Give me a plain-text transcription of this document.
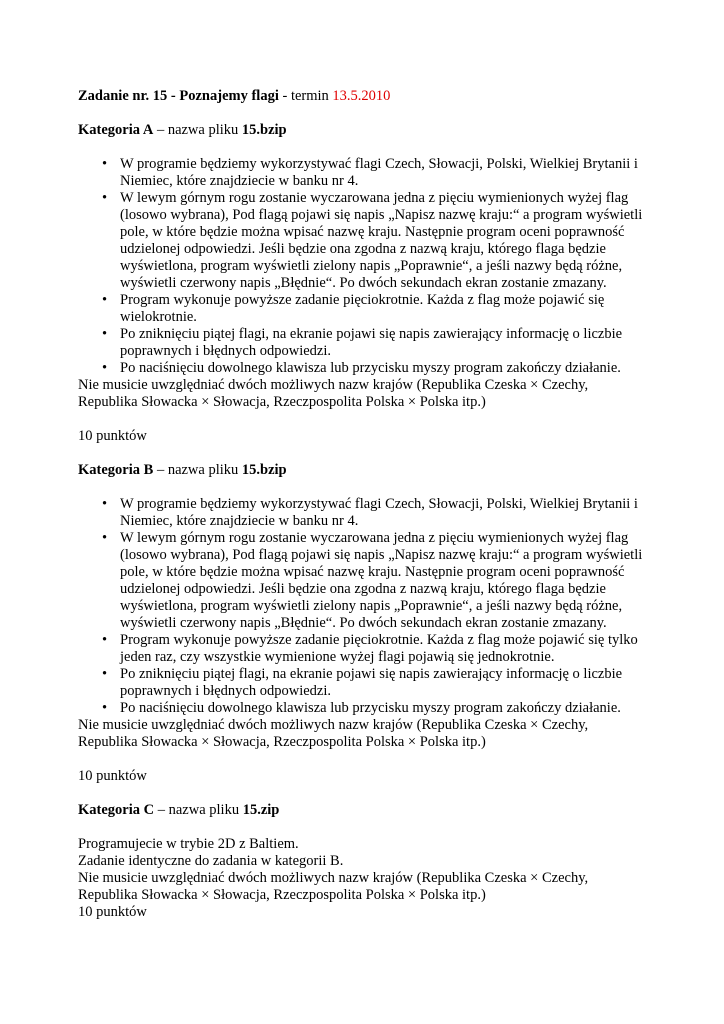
Zadanie nr. 15 - Poznajemy flagi - termin 13.5.2010

Kategoria A – nazwa pliku 15.bzip

• W programie będziemy wykorzystywać flagi Czech, Słowacji, Polski, Wielkiej Brytanii i Niemiec, które znajdziecie w banku nr 4.
• W lewym górnym rogu zostanie wyczarowana jedna z pięciu wymienionych wyżej flag (losowo wybrana), Pod flagą pojawi się napis „Napisz nazwę kraju:“ a program wyświetli pole, w które będzie można wpisać nazwę kraju. Następnie program oceni poprawność udzielonej odpowiedzi. Jeśli będzie ona zgodna z nazwą kraju, którego flaga będzie wyświetlona, program wyświetli zielony napis „Poprawnie“, a jeśli nazwy będą różne, wyświetli czerwony napis „Błędnie“. Po dwóch sekundach ekran zostanie zmazany.
• Program wykonuje powyższe zadanie pięciokrotnie. Każda z flag może pojawić się wielokrotnie.
• Po zniknięciu piątej flagi, na ekranie pojawi się napis zawierający informację o liczbie poprawnych i błędnych odpowiedzi.
• Po naciśnięciu dowolnego klawisza lub przycisku myszy program zakończy działanie.

Nie musicie uwzględniać dwóch możliwych nazw krajów (Republika Czeska × Czechy,

Republika Słowacka × Słowacja, Rzeczpospolita Polska × Polska itp.)

10 punktów

Kategoria B – nazwa pliku 15.bzip

• W programie będziemy wykorzystywać flagi Czech, Słowacji, Polski, Wielkiej Brytanii i Niemiec, które znajdziecie w banku nr 4.
• W lewym górnym rogu zostanie wyczarowana jedna z pięciu wymienionych wyżej flag (losowo wybrana), Pod flagą pojawi się napis „Napisz nazwę kraju:“ a program wyświetli pole, w które będzie można wpisać nazwę kraju. Następnie program oceni poprawność udzielonej odpowiedzi. Jeśli będzie ona zgodna z nazwą kraju, którego flaga będzie wyświetlona, program wyświetli zielony napis „Poprawnie“, a jeśli nazwy będą różne, wyświetli czerwony napis „Błędnie“. Po dwóch sekundach ekran zostanie zmazany.
• Program wykonuje powyższe zadanie pięciokrotnie. Każda z flag może pojawić się tylko jeden raz, czy wszystkie wymienione wyżej flagi pojawią się jednokrotnie.
• Po zniknięciu piątej flagi, na ekranie pojawi się napis zawierający informację o liczbie poprawnych i błędnych odpowiedzi.
• Po naciśnięciu dowolnego klawisza lub przycisku myszy program zakończy działanie.

Nie musicie uwzględniać dwóch możliwych nazw krajów (Republika Czeska × Czechy,

Republika Słowacka × Słowacja, Rzeczpospolita Polska × Polska itp.)

10 punktów

Kategoria C – nazwa pliku 15.zip

Programujecie w trybie 2D z Baltiem.

Zadanie identyczne do zadania w kategorii B.

Nie musicie uwzględniać dwóch możliwych nazw krajów (Republika Czeska × Czechy,

Republika Słowacka × Słowacja, Rzeczpospolita Polska × Polska itp.)

10 punktów
